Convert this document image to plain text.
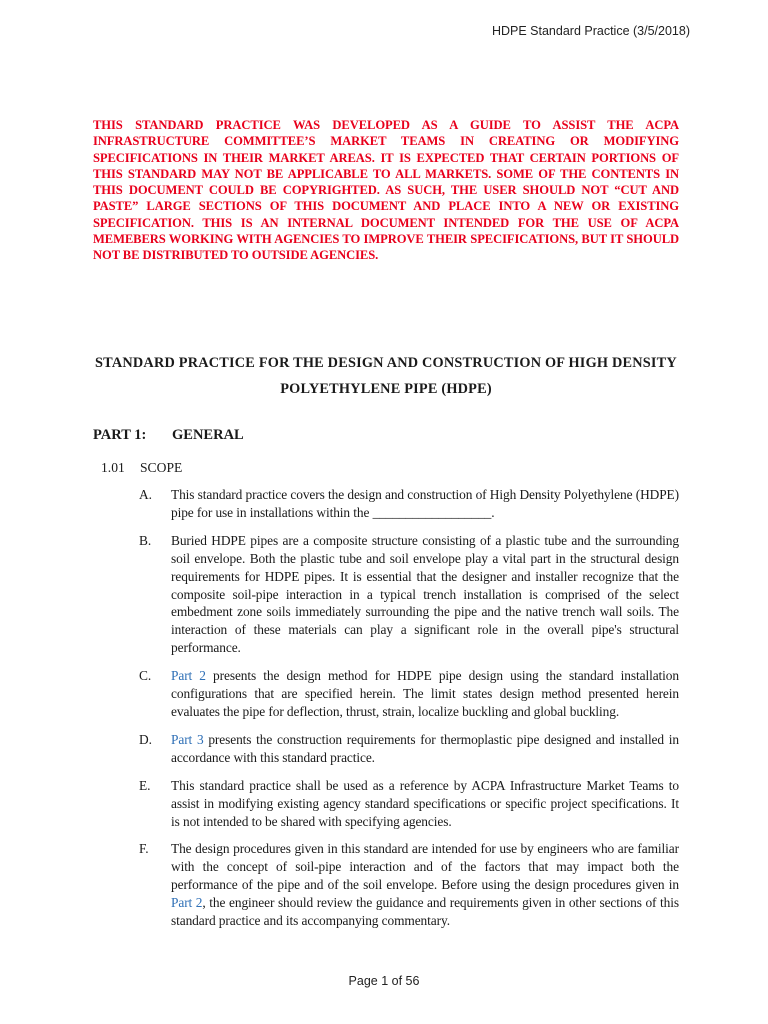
HDPE Standard Practice (3/5/2018)
THIS STANDARD PRACTICE WAS DEVELOPED AS A GUIDE TO ASSIST THE ACPA INFRASTRUCTURE COMMITTEE’S MARKET TEAMS IN CREATING OR MODIFYING SPECIFICATIONS IN THEIR MARKET AREAS. IT IS EXPECTED THAT CERTAIN PORTIONS OF THIS STANDARD MAY NOT BE APPLICABLE TO ALL MARKETS. SOME OF THE CONTENTS IN THIS DOCUMENT COULD BE COPYRIGHTED. AS SUCH, THE USER SHOULD NOT “CUT AND PASTE” LARGE SECTIONS OF THIS DOCUMENT AND PLACE INTO A NEW OR EXISTING SPECIFICATION. THIS IS AN INTERNAL DOCUMENT INTENDED FOR THE USE OF ACPA MEMEBERS WORKING WITH AGENCIES TO IMPROVE THEIR SPECIFICATIONS, BUT IT SHOULD NOT BE DISTRIBUTED TO OUTSIDE AGENCIES.
STANDARD PRACTICE FOR THE DESIGN AND CONSTRUCTION OF HIGH DENSITY POLYETHYLENE PIPE (HDPE)
PART 1: GENERAL
1.01 SCOPE
A.	This standard practice covers the design and construction of High Density Polyethylene (HDPE) pipe for use in installations within the __________________.
B.	Buried HDPE pipes are a composite structure consisting of a plastic tube and the surrounding soil envelope. Both the plastic tube and soil envelope play a vital part in the structural design requirements for HDPE pipes. It is essential that the designer and installer recognize that the composite soil-pipe interaction in a typical trench installation is comprised of the select embedment zone soils immediately surrounding the pipe and the native trench wall soils. The interaction of these materials can play a significant role in the overall pipe's structural performance.
C.	Part 2 presents the design method for HDPE pipe design using the standard installation configurations that are specified herein. The limit states design method presented herein evaluates the pipe for deflection, thrust, strain, localize buckling and global buckling.
D.	Part 3 presents the construction requirements for thermoplastic pipe designed and installed in accordance with this standard practice.
E.	This standard practice shall be used as a reference by ACPA Infrastructure Market Teams to assist in modifying existing agency standard specifications or specific project specifications. It is not intended to be shared with specifying agencies.
F.	The design procedures given in this standard are intended for use by engineers who are familiar with the concept of soil-pipe interaction and of the factors that may impact both the performance of the pipe and of the soil envelope. Before using the design procedures given in Part 2, the engineer should review the guidance and requirements given in other sections of this standard practice and its accompanying commentary.
Page 1 of 56
